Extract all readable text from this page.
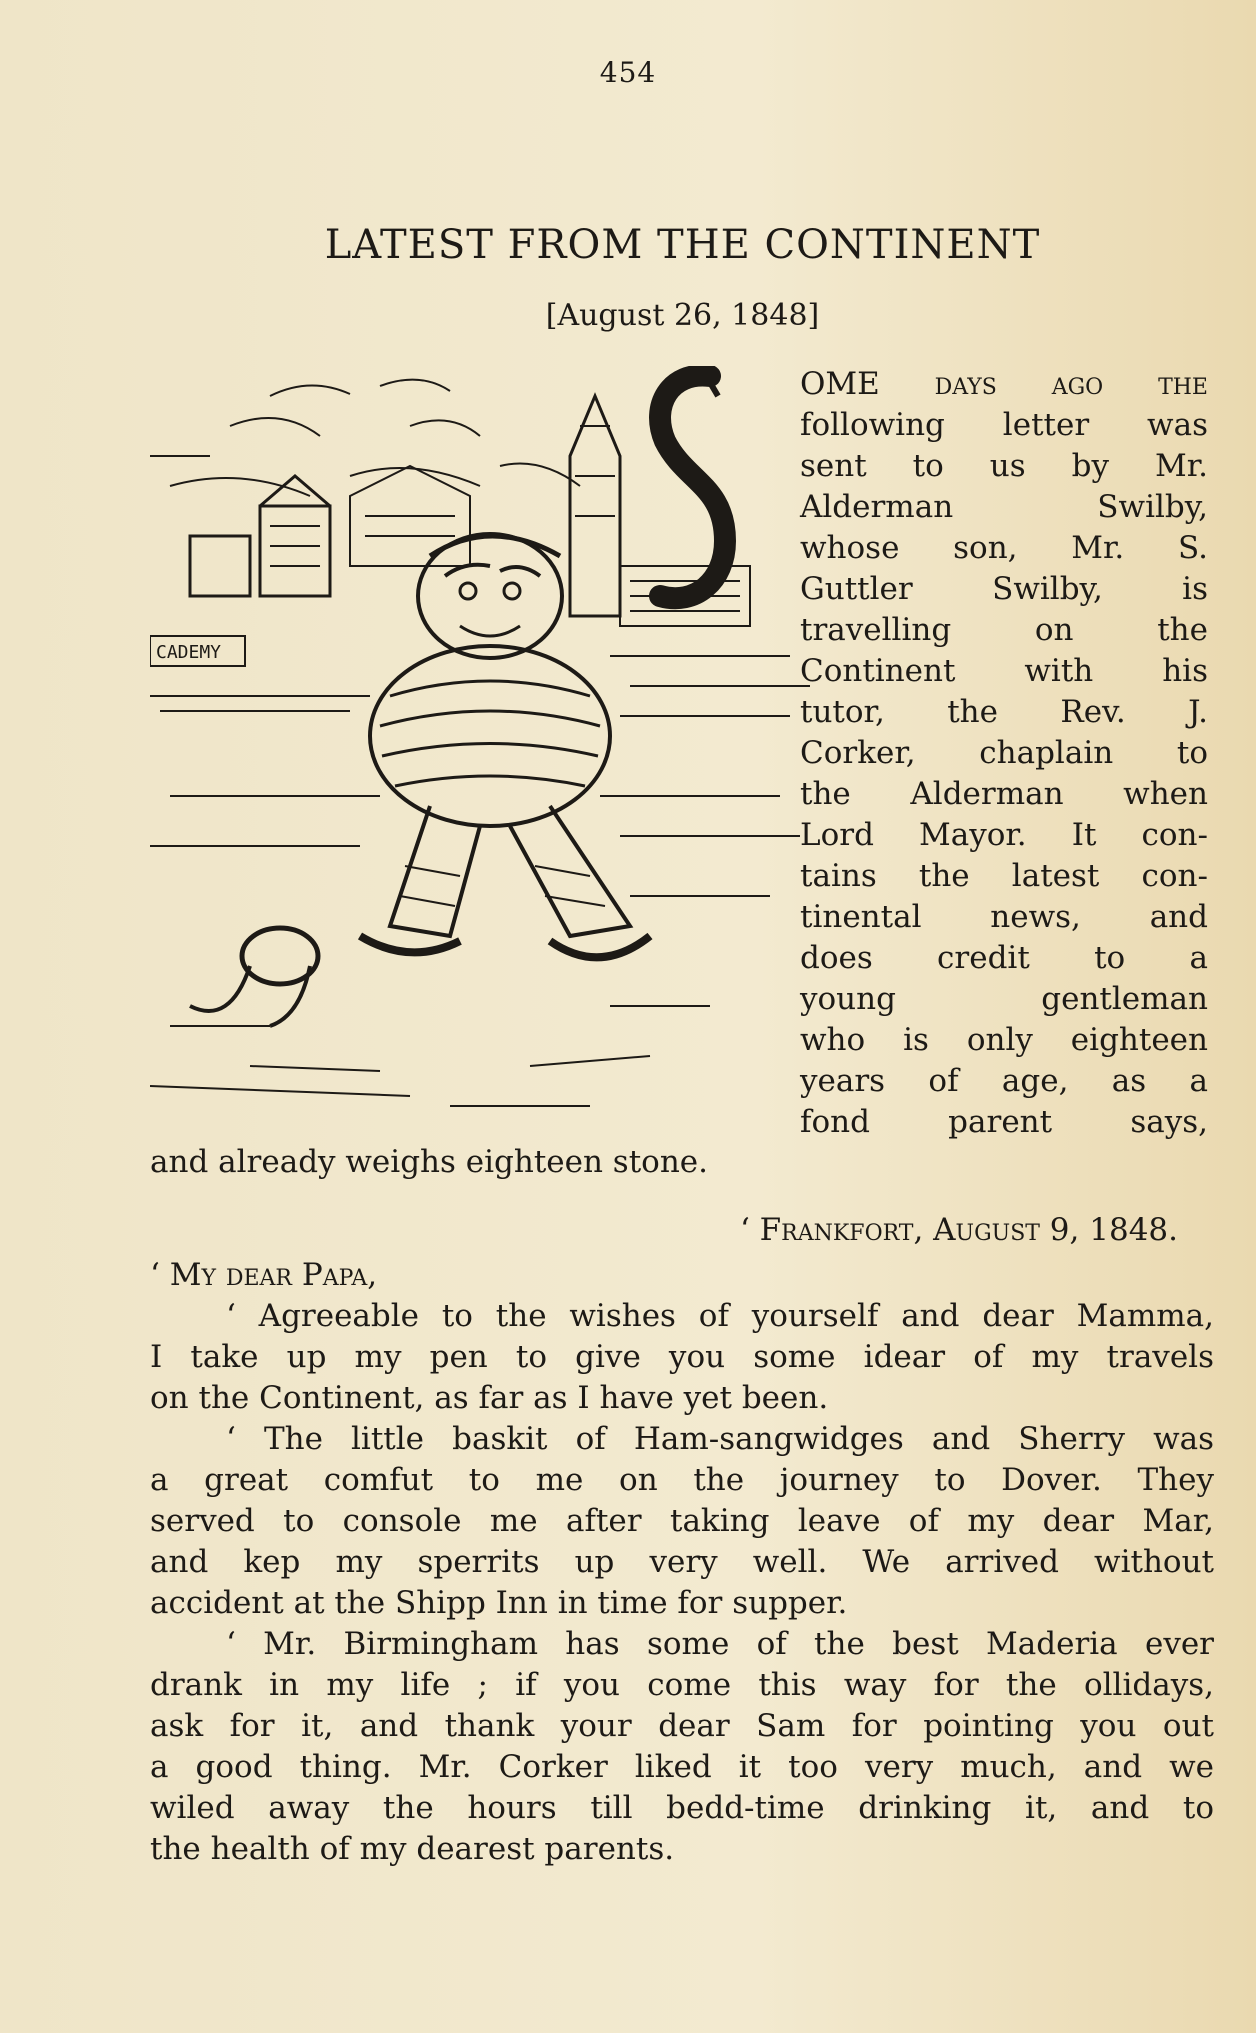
454
LATEST FROM THE CONTINENT
[August 26, 1848]
CADEMY
OME days ago the
following letter was
sent to us by Mr.
Alderman Swilby,
whose son, Mr. S.
Guttler Swilby, is
travelling on the
Continent with his
tutor, the Rev. J.
Corker, chaplain to
the Alderman when
Lord Mayor. It con-
tains the latest con-
tinental news, and
does credit to a
young gentleman
who is only eighteen
years of age, as a
fond parent says,
and already weighs eighteen stone.
‘ Frankfort, August 9, 1848.
‘ My dear Papa,

‘ Agreeable to the wishes of yourself and dear Mamma,
I take up my pen to give you some idear of my travels
on the Continent, as far as I have yet been.

‘ The little baskit of Ham-sangwidges and Sherry was
a great comfut to me on the journey to Dover. They
served to console me after taking leave of my dear Mar,
and kep my sperrits up very well. We arrived without
accident at the Shipp Inn in time for supper.

‘ Mr. Birmingham has some of the best Maderia ever
drank in my life ; if you come this way for the ollidays,
ask for it, and thank your dear Sam for pointing you out
a good thing. Mr. Corker liked it too very much, and we
wiled away the hours till bedd-time drinking it, and to
the health of my dearest parents.
